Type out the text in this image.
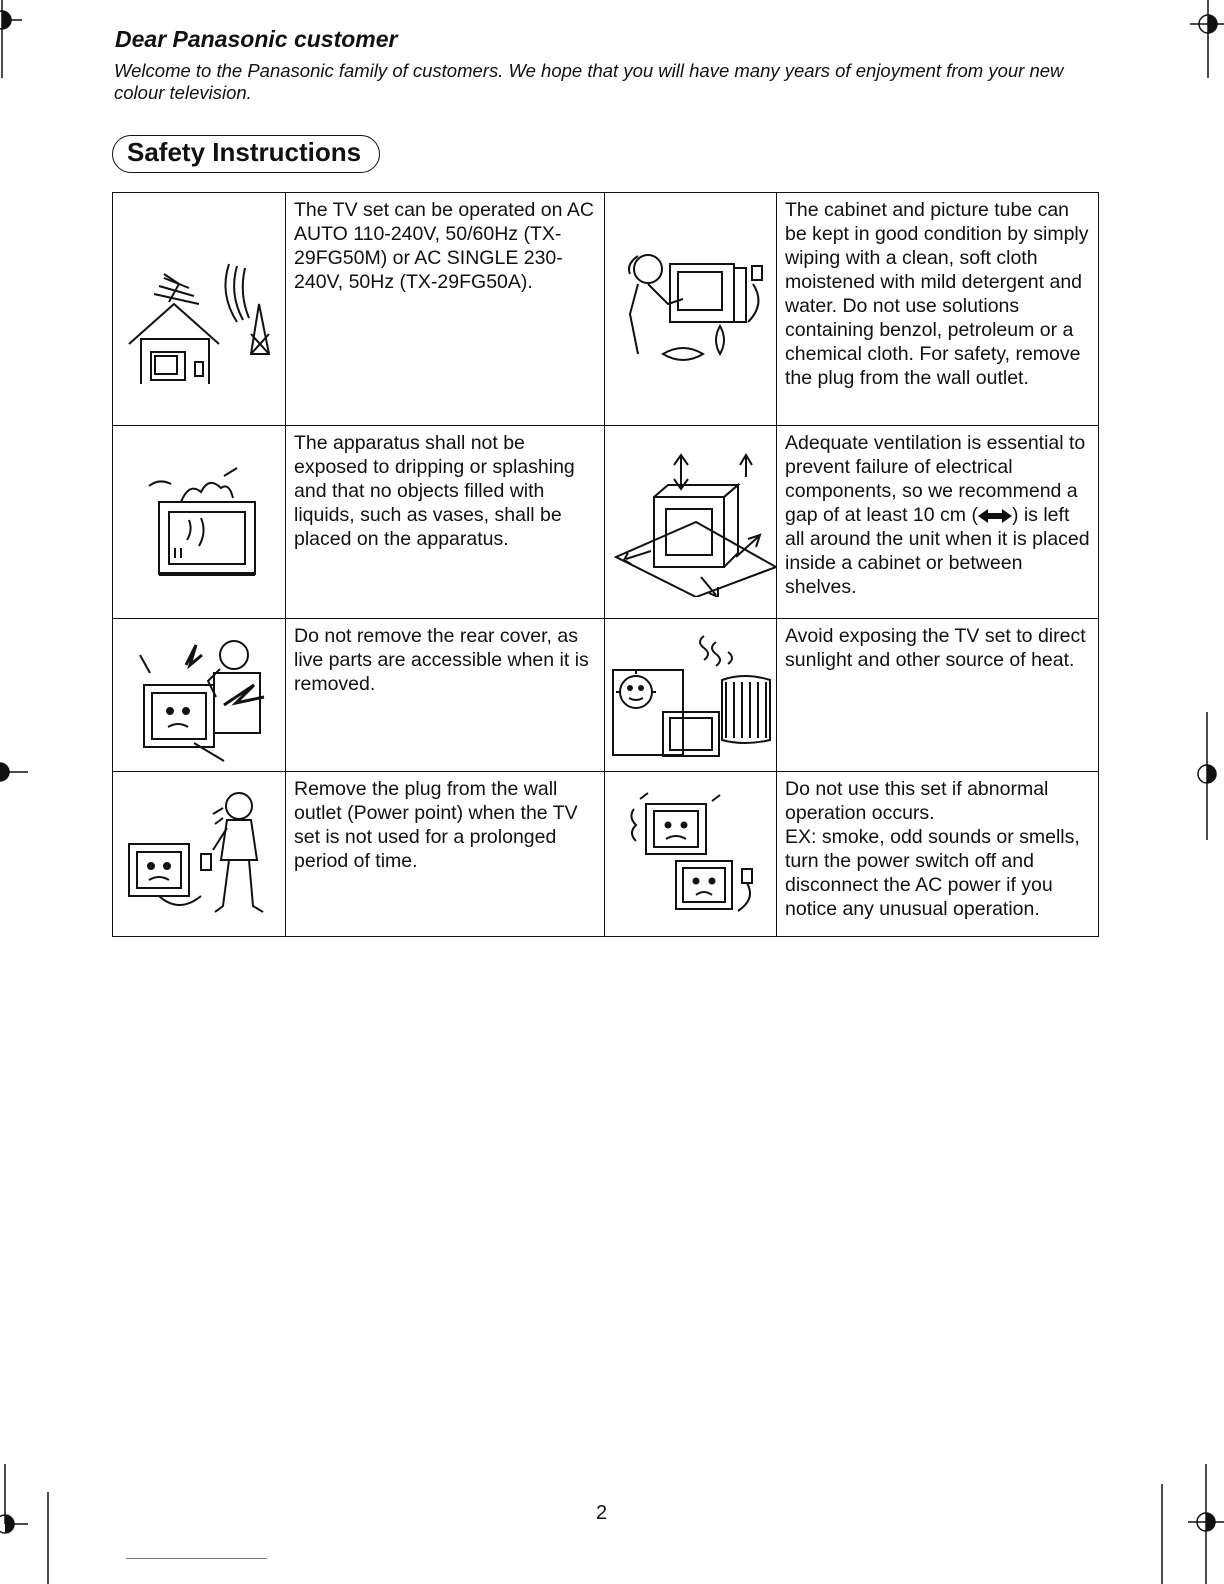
Dear Panasonic customer

Welcome to the Panasonic family of customers. We hope that you will have many years of enjoyment from your new colour television.

Safety Instructions
The TV set can be operated on AC AUTO 110-240V, 50/60Hz (TX-29FG50M) or AC SINGLE 230-240V, 50Hz (TX-29FG50A).
The cabinet and picture tube can be kept in good condition by simply wiping with a clean, soft cloth moistened with mild detergent and water. Do not use solutions containing benzol, petroleum or a chemical cloth. For safety, remove the plug from the wall outlet.
The apparatus shall not be exposed to dripping or splashing and that no objects filled with liquids, such as vases, shall be placed on the apparatus.
Adequate ventilation is essential to prevent failure of electrical components, so we recommend a gap of at least 10 cm ( ) is left all around the unit when it is placed inside a cabinet or between shelves.
Do not remove the rear cover, as live parts are accessible when it is removed.
Avoid exposing the TV set to direct sunlight and other source of heat.
Remove the plug from the wall outlet (Power point) when the TV set is not used for a prolonged period of time.
Do not use this set if abnormal operation occurs.
EX: smoke, odd sounds or smells, turn the power switch off and disconnect the AC power if you notice any unusual operation.

2
